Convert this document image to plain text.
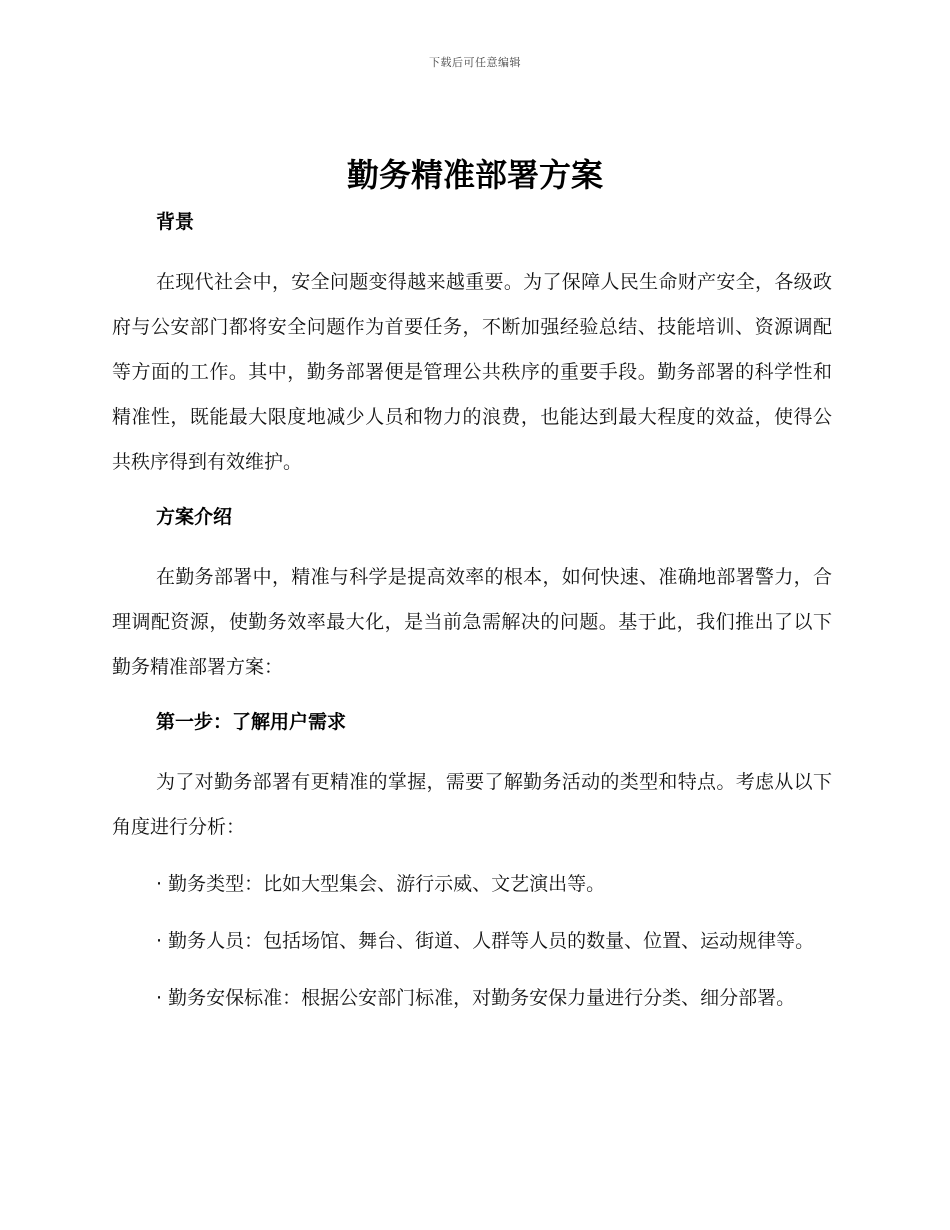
下载后可任意编辑
勤务精准部署方案

背景

在现代社会中，安全问题变得越来越重要。为了保障人民生命财产安全，各级政府与公安部门都将安全问题作为首要任务，不断加强经验总结、技能培训、资源调配等方面的工作。其中，勤务部署便是管理公共秩序的重要手段。勤务部署的科学性和精准性，既能最大限度地减少人员和物力的浪费，也能达到最大程度的效益，使得公共秩序得到有效维护。

方案介绍

在勤务部署中，精准与科学是提高效率的根本，如何快速、准确地部署警力，合理调配资源，使勤务效率最大化，是当前急需解决的问题。基于此，我们推出了以下勤务精准部署方案：

第一步：了解用户需求

为了对勤务部署有更精准的掌握，需要了解勤务活动的类型和特点。考虑从以下角度进行分析：

· 勤务类型：比如大型集会、游行示威、文艺演出等。

· 勤务人员：包括场馆、舞台、街道、人群等人员的数量、位置、运动规律等。

· 勤务安保标准：根据公安部门标准，对勤务安保力量进行分类、细分部署。
